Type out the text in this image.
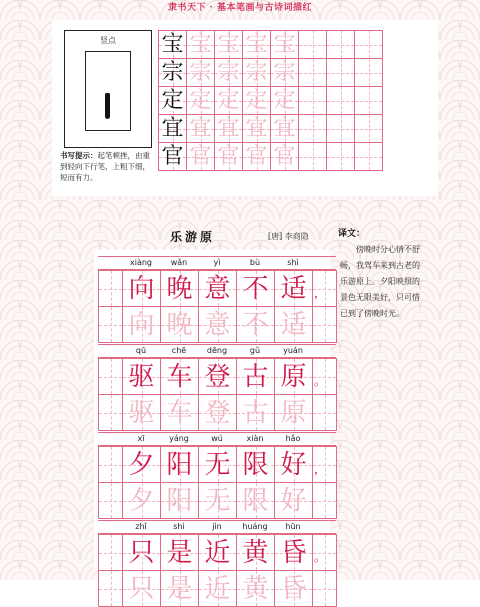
隶书天下 · 基本笔画与古诗词描红
竖点
书写提示：起笔顿挫，由重到轻向下行笔，上粗下细，短而有力。
宝 宝 宝 宝 宝
宗 宗 宗 宗 宗
定 定 定 定 定
宜 宜 宜 宜 宜
官 官 官 官 官
乐游原	[唐] 李商隐
xiàng	wǎn	yì	bù	shì
向 晚 意 不 适
向 晚 意 不 适
，
qū	chē	dēng	gǔ	yuán
驱 车 登 古 原
驱 车 登 古 原
。
xī	yáng	wú	xiàn	hǎo
夕 阳 无 限 好
夕 阳 无 限 好
，
zhǐ	shì	jìn	huáng	hūn
只 是 近 黄 昏
只 是 近 黄 昏
。
译文：
傍晚时分心情不舒畅，我驾车来到古老的乐游原上。夕阳映照的景色无限美好，只可惜已到了傍晚时光。
